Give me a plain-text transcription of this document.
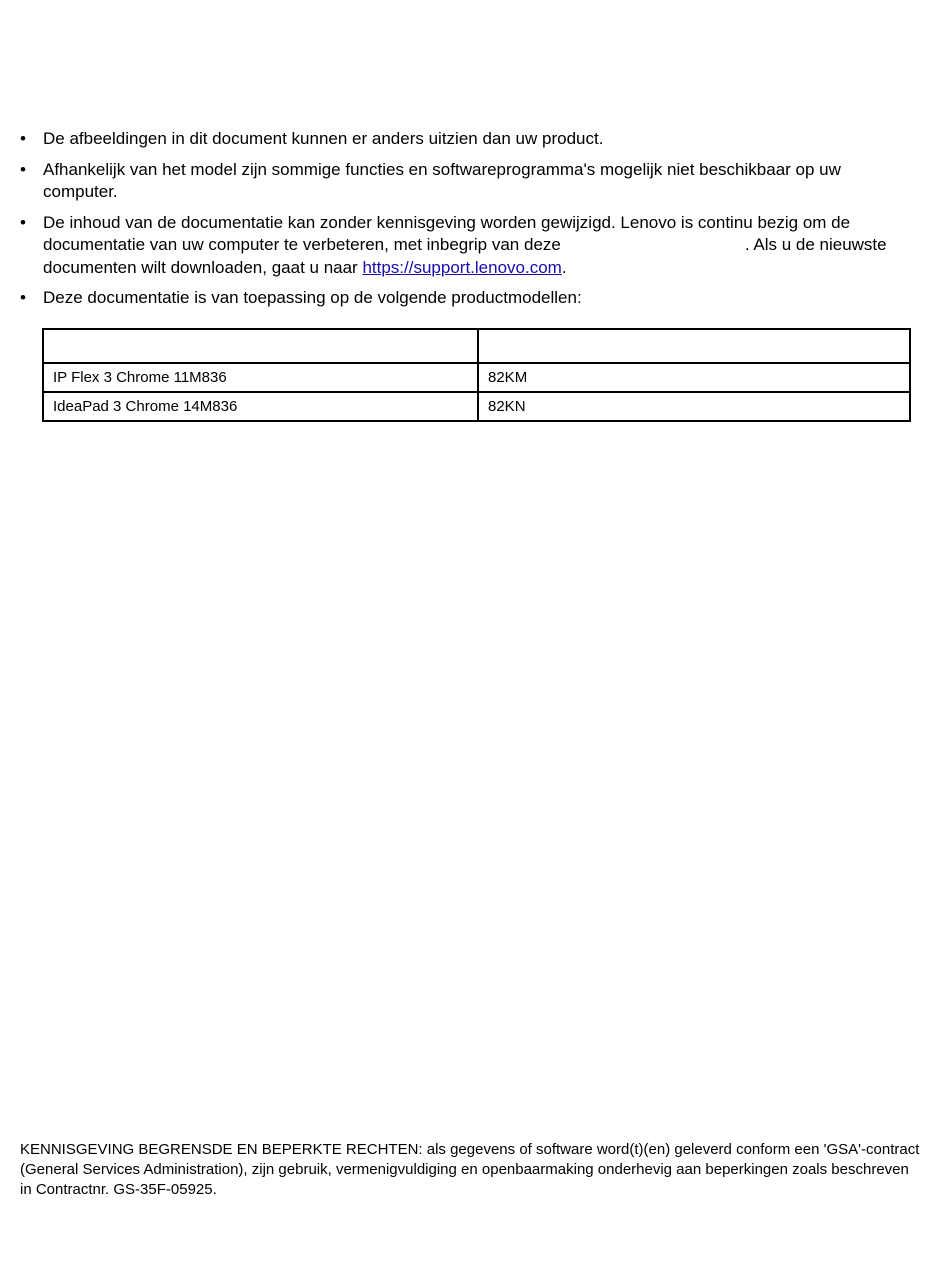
•	De afbeeldingen in dit document kunnen er anders uitzien dan uw product.
•	Afhankelijk van het model zijn sommige functies en softwareprogramma's mogelijk niet beschikbaar op uw computer.
•	De inhoud van de documentatie kan zonder kennisgeving worden gewijzigd. Lenovo is continu bezig om de documentatie van uw computer te verbeteren, met inbegrip van deze	. Als u de nieuwste documenten wilt downloaden, gaat u naar https://support.lenovo.com.
•	Deze documentatie is van toepassing op de volgende productmodellen:

IP Flex 3 Chrome 11M836	82KM
IdeaPad 3 Chrome 14M836	82KN

KENNISGEVING BEGRENSDE EN BEPERKTE RECHTEN: als gegevens of software word(t)(en) geleverd conform een 'GSA'-contract (General Services Administration), zijn gebruik, vermenigvuldiging en openbaarmaking onderhevig aan beperkingen zoals beschreven in Contractnr. GS-35F-05925.
